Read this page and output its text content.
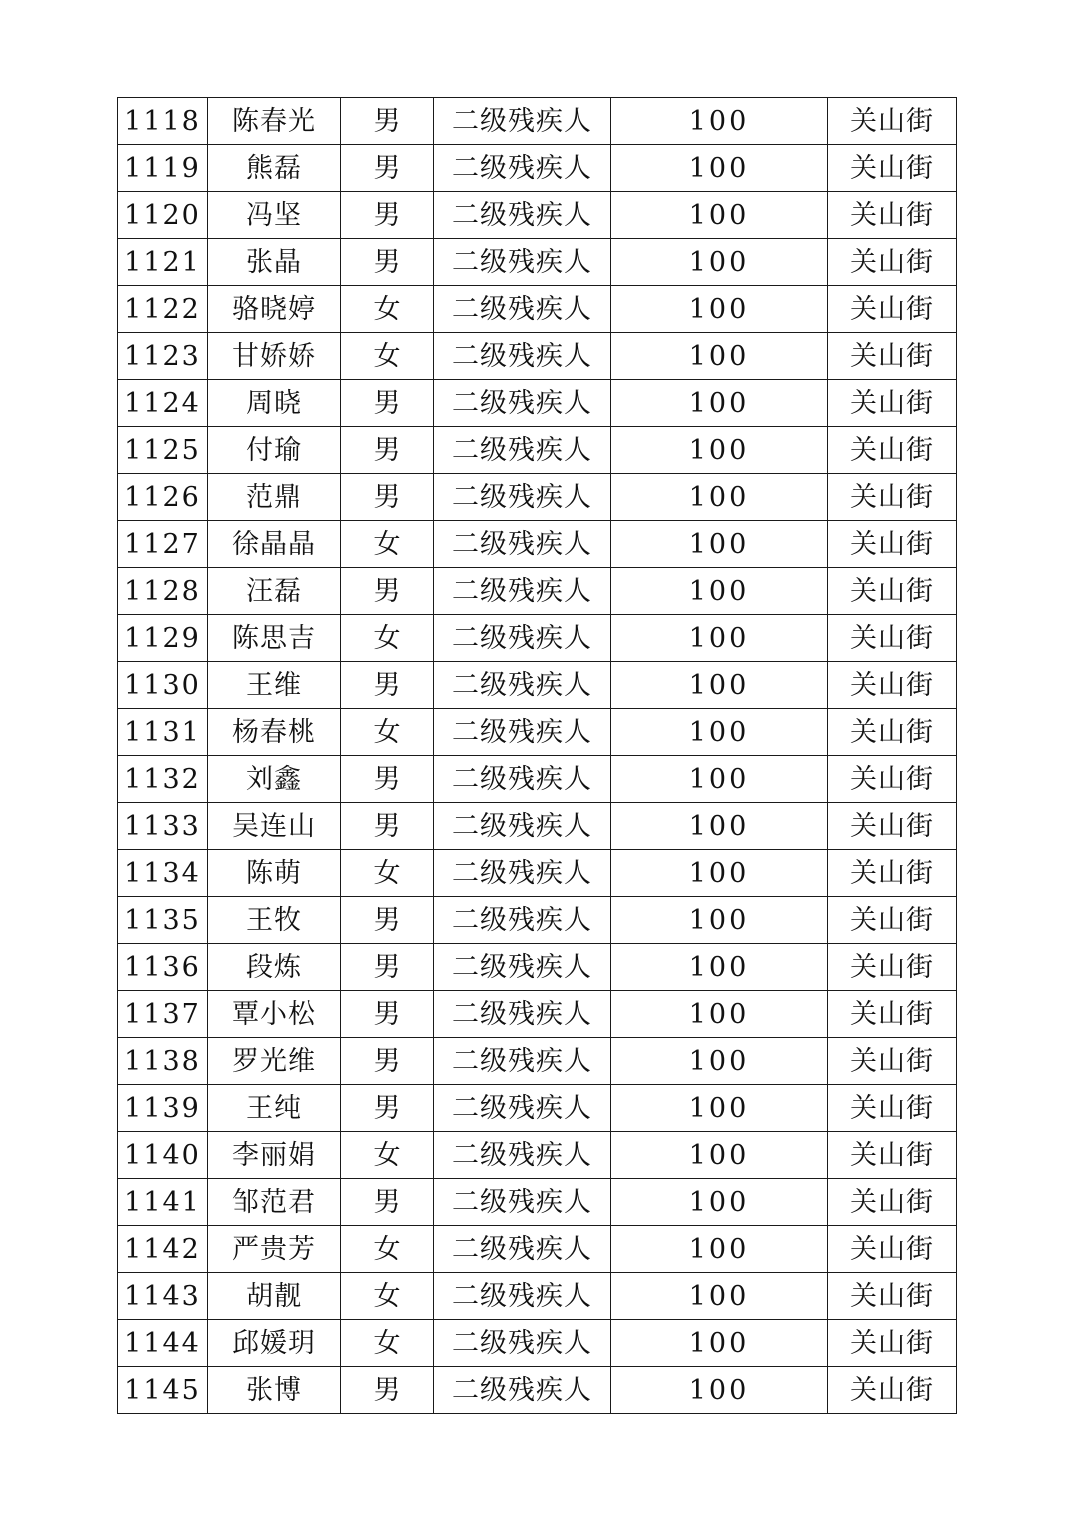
1118	陈春光	男	二级残疾人	100	关山街
1119	熊磊	男	二级残疾人	100	关山街
1120	冯坚	男	二级残疾人	100	关山街
1121	张晶	男	二级残疾人	100	关山街
1122	骆晓婷	女	二级残疾人	100	关山街
1123	甘娇娇	女	二级残疾人	100	关山街
1124	周晓	男	二级残疾人	100	关山街
1125	付瑜	男	二级残疾人	100	关山街
1126	范鼎	男	二级残疾人	100	关山街
1127	徐晶晶	女	二级残疾人	100	关山街
1128	汪磊	男	二级残疾人	100	关山街
1129	陈思吉	女	二级残疾人	100	关山街
1130	王维	男	二级残疾人	100	关山街
1131	杨春桃	女	二级残疾人	100	关山街
1132	刘鑫	男	二级残疾人	100	关山街
1133	吴连山	男	二级残疾人	100	关山街
1134	陈萌	女	二级残疾人	100	关山街
1135	王牧	男	二级残疾人	100	关山街
1136	段炼	男	二级残疾人	100	关山街
1137	覃小松	男	二级残疾人	100	关山街
1138	罗光维	男	二级残疾人	100	关山街
1139	王纯	男	二级残疾人	100	关山街
1140	李丽娟	女	二级残疾人	100	关山街
1141	邹范君	男	二级残疾人	100	关山街
1142	严贵芳	女	二级残疾人	100	关山街
1143	胡靓	女	二级残疾人	100	关山街
1144	邱媛玥	女	二级残疾人	100	关山街
1145	张博	男	二级残疾人	100	关山街
